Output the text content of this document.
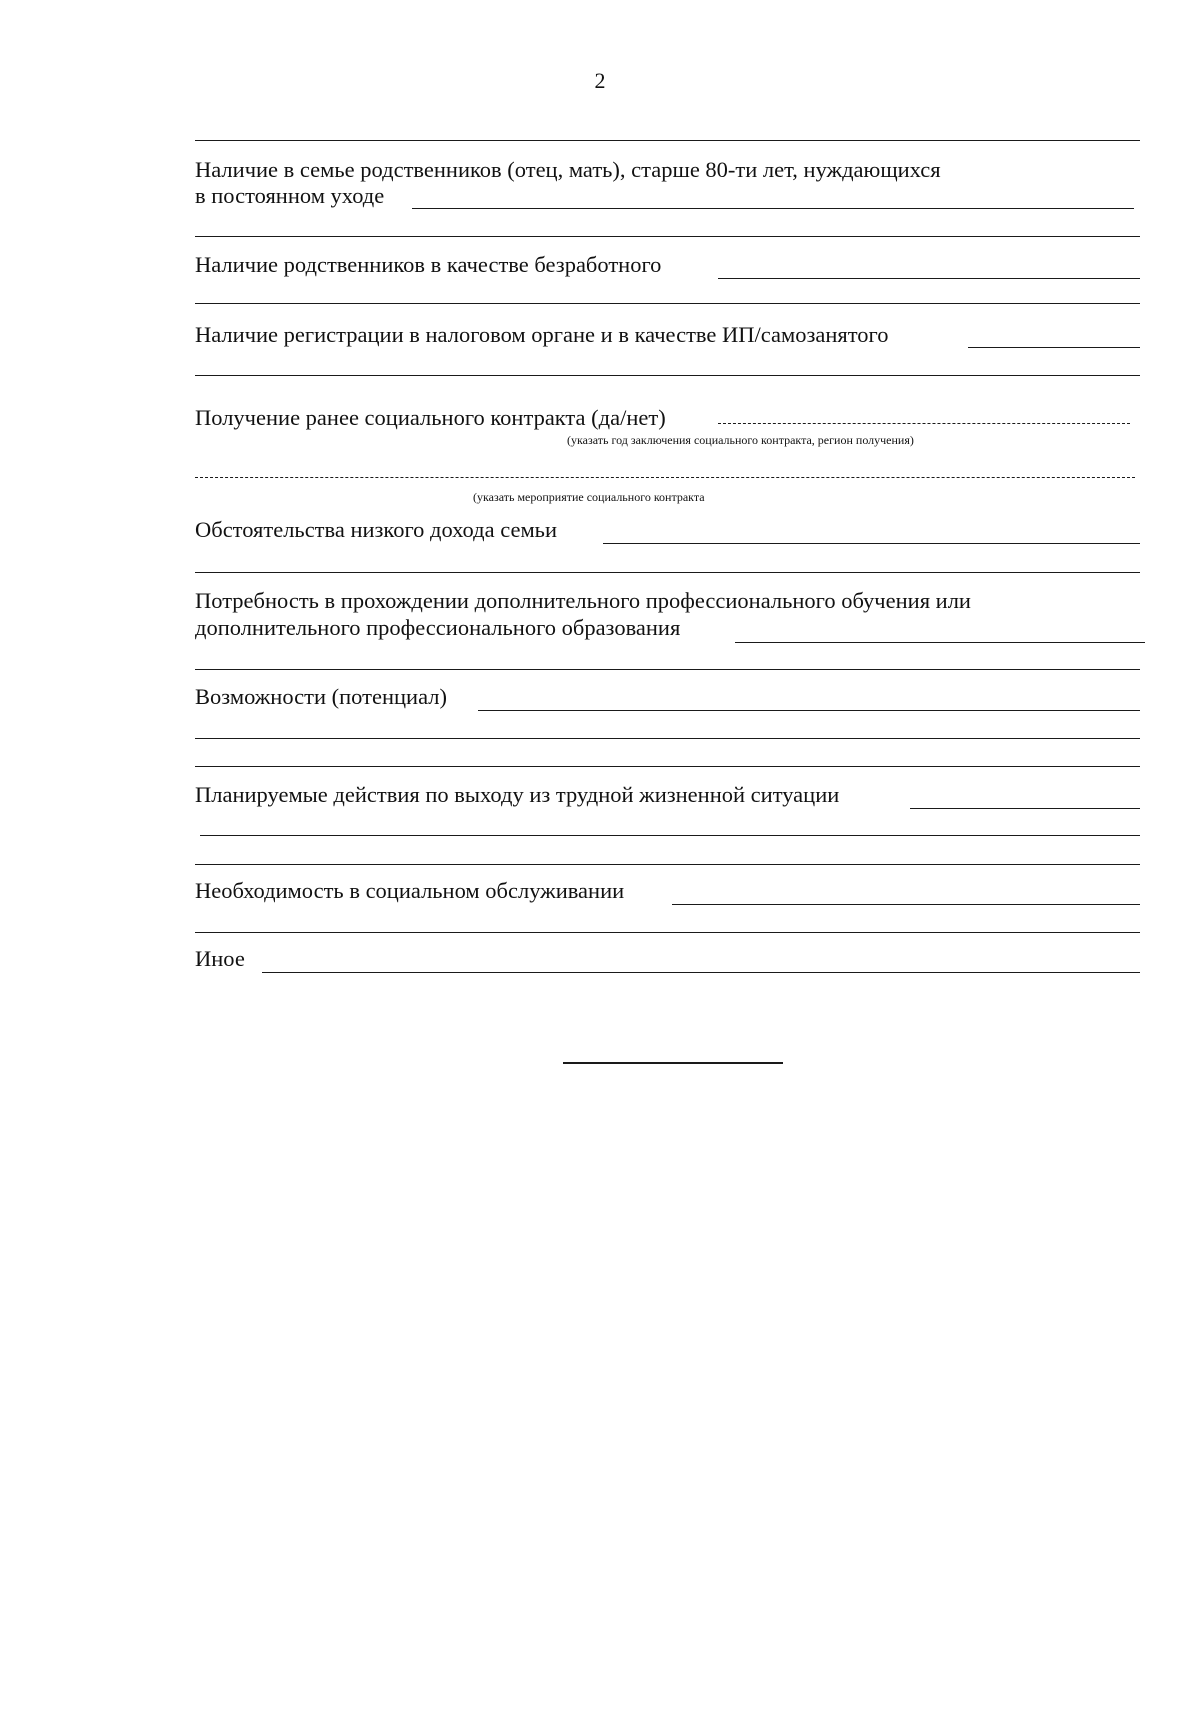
2
Наличие в семье родственников (отец, мать), старше 80-ти лет, нуждающихся
в постоянном уходе
Наличие родственников в качестве безработного
Наличие регистрации в налоговом органе и в качестве ИП/самозанятого
Получение ранее социального контракта (да/нет)
(указать год заключения социального контракта, регион получения)
(указать мероприятие социального контракта
Обстоятельства низкого дохода семьи
Потребность в прохождении дополнительного профессионального обучения или
дополнительного профессионального образования
Возможности (потенциал)
Планируемые действия по выходу из трудной жизненной ситуации
Необходимость в социальном обслуживании
Иное
